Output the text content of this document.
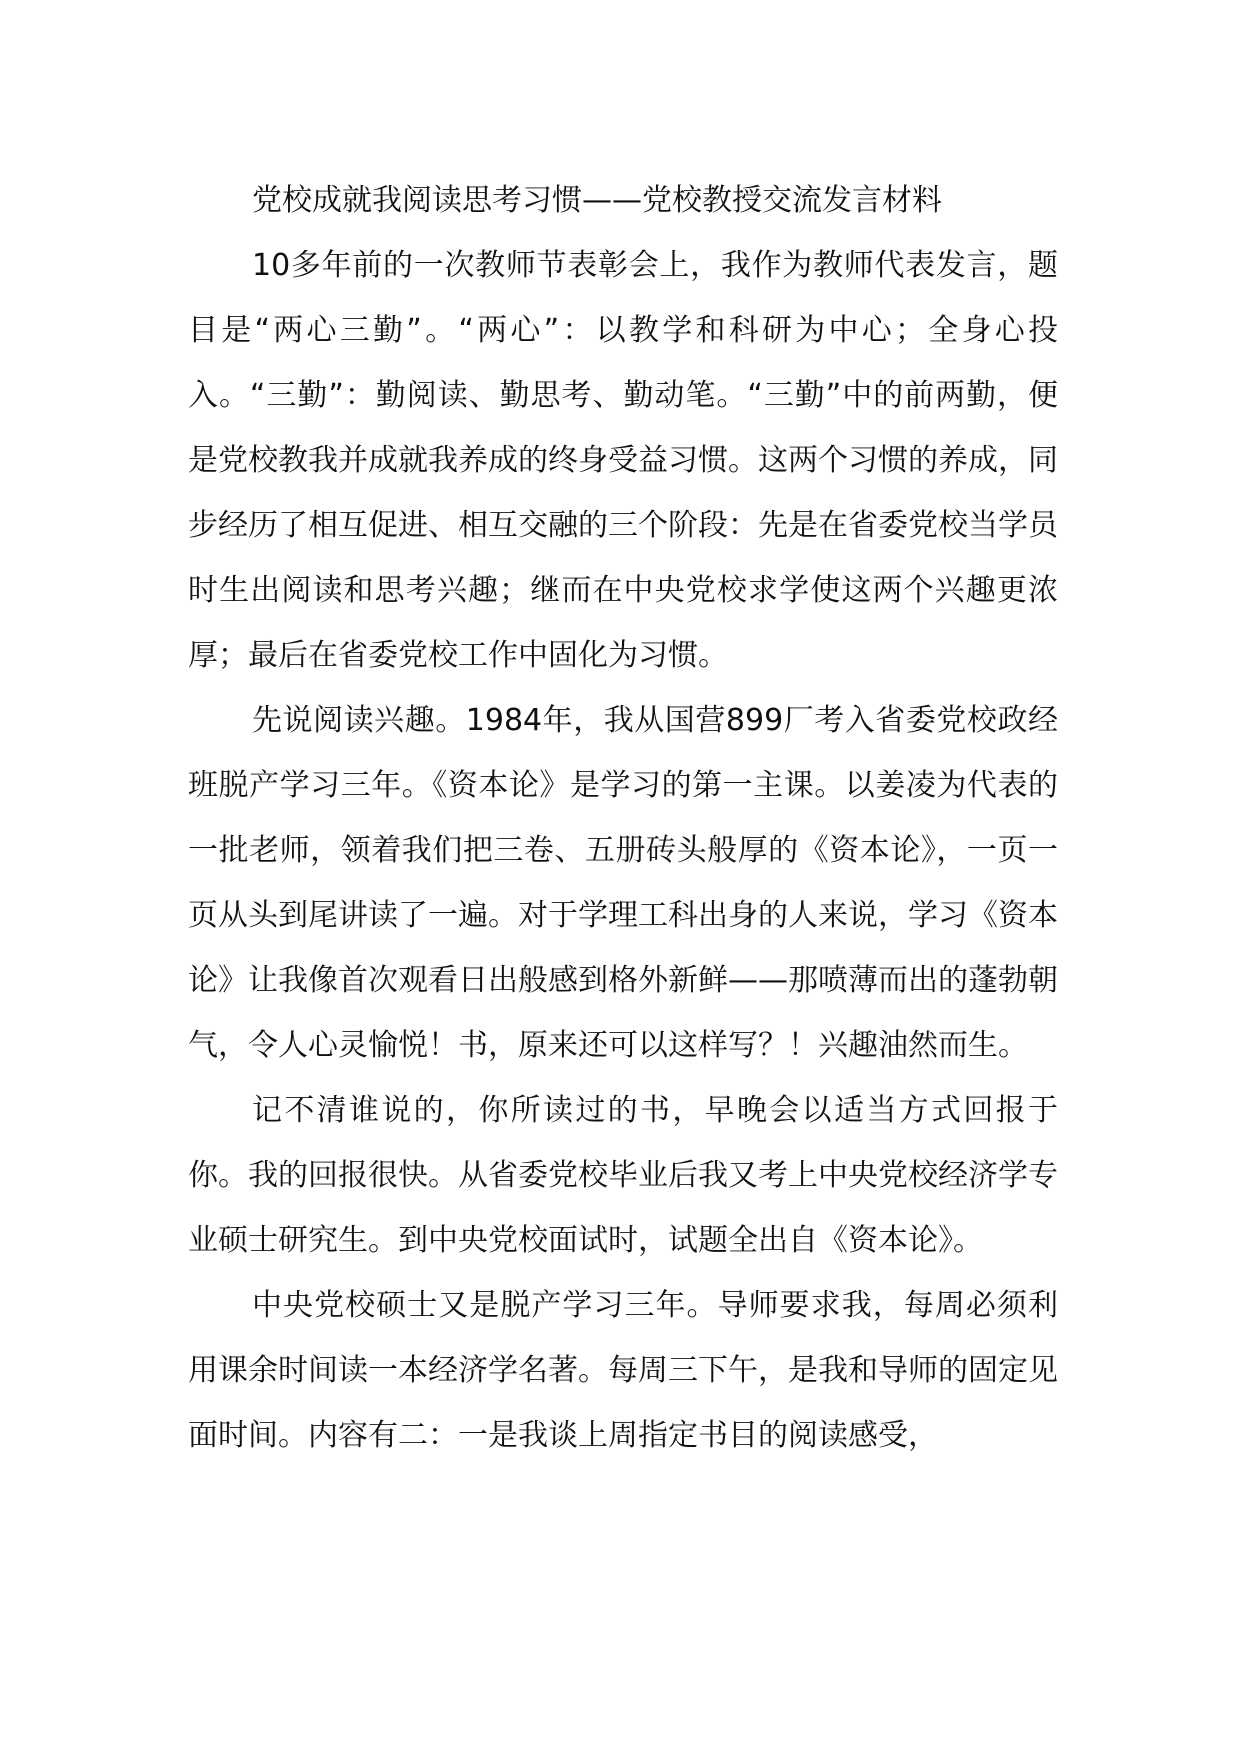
党校成就我阅读思考习惯——党校教授交流发言材料

10多年前的一次教师节表彰会上，我作为教师代表发言，题目是“两心三勤”。“两心”：以教学和科研为中心；全身心投入。“三勤”：勤阅读、勤思考、勤动笔。“三勤”中的前两勤，便是党校教我并成就我养成的终身受益习惯。这两个习惯的养成，同步经历了相互促进、相互交融的三个阶段：先是在省委党校当学员时生出阅读和思考兴趣；继而在中央党校求学使这两个兴趣更浓厚；最后在省委党校工作中固化为习惯。

先说阅读兴趣。1984年，我从国营899厂考入省委党校政经班脱产学习三年。《资本论》是学习的第一主课。以姜凌为代表的一批老师，领着我们把三卷、五册砖头般厚的《资本论》，一页一页从头到尾讲读了一遍。对于学理工科出身的人来说，学习《资本论》让我像首次观看日出般感到格外新鲜——那喷薄而出的蓬勃朝气，令人心灵愉悦！书，原来还可以这样写？！兴趣油然而生。

记不清谁说的，你所读过的书，早晚会以适当方式回报于你。我的回报很快。从省委党校毕业后我又考上中央党校经济学专业硕士研究生。到中央党校面试时，试题全出自《资本论》。

中央党校硕士又是脱产学习三年。导师要求我，每周必须利用课余时间读一本经济学名著。每周三下午，是我和导师的固定见面时间。内容有二：一是我谈上周指定书目的阅读感受，
